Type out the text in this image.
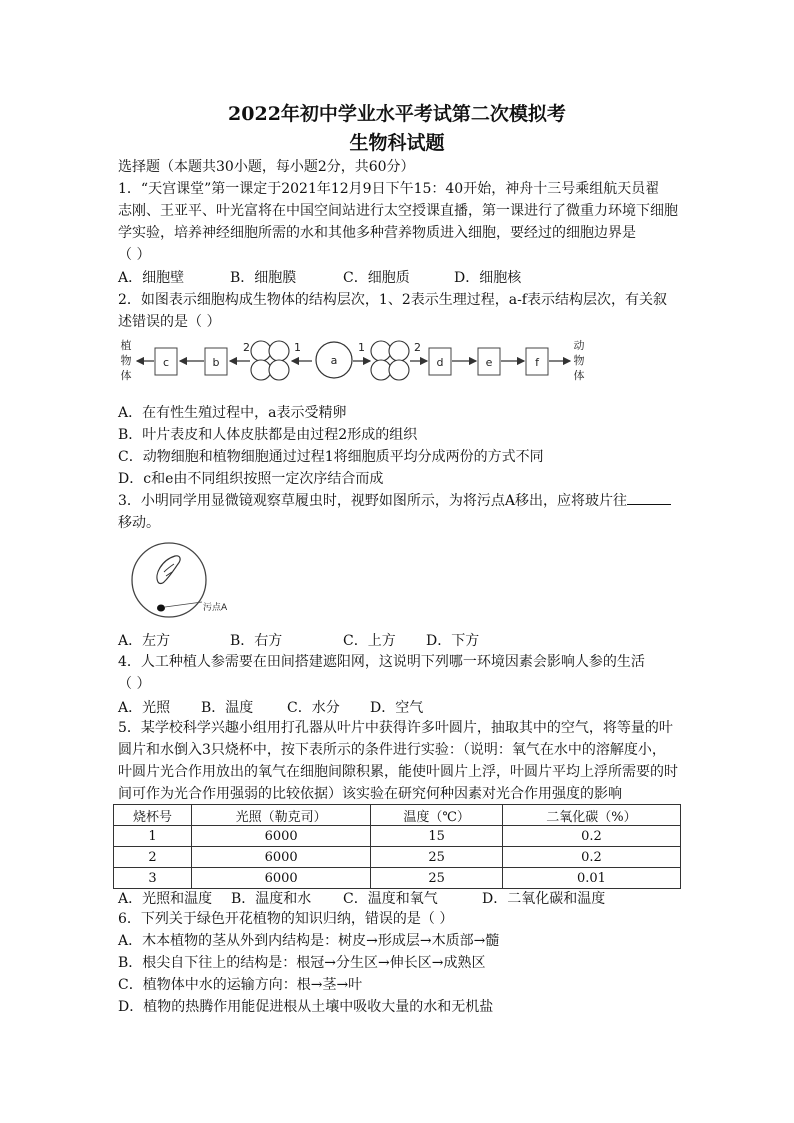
2022年初中学业水平考试第二次模拟考
生物科试题
选择题（本题共30小题，每小题2分，共60分）
1．“天宫课堂”第一课定于2021年12月9日下午15：40开始，神舟十三号乘组航天员翟
志刚、王亚平、叶光富将在中国空间站进行太空授课直播，第一课进行了微重力环境下细胞
学实验，培养神经细胞所需的水和其他多种营养物质进入细胞，要经过的细胞边界是
（ ）
A．细胞壁	B．细胞膜	C．细胞质	D．细胞核
2．如图表示细胞构成生物体的结构层次，1、2表示生理过程，a-f表示结构层次，有关叙
述错误的是（ ）
植
物
体
c	b
2	1
a
1	2
d	e	f
动
物
体
A．在有性生殖过程中，a表示受精卵
B．叶片表皮和人体皮肤都是由过程2形成的组织
C．动物细胞和植物细胞通过过程1将细胞质平均分成两份的方式不同
D．c和e由不同组织按照一定次序结合而成
3．小明同学用显微镜观察草履虫时，视野如图所示，为将污点A移出，应将玻片往
移动。
污点A
A．左方	B．右方	C．上方 D．下方
4．人工种植人参需要在田间搭建遮阳网，这说明下列哪一环境因素会影响人参的生活
（ ）
A．光照 B．温度 C．水分 D．空气
5．某学校科学兴趣小组用打孔器从叶片中获得许多叶圆片，抽取其中的空气，将等量的叶
圆片和水倒入3只烧杯中，按下表所示的条件进行实验：（说明：氧气在水中的溶解度小，
叶圆片光合作用放出的氧气在细胞间隙积累，能使叶圆片上浮，叶圆片平均上浮所需要的时
间可作为光合作用强弱的比较依据）该实验在研究何种因素对光合作用强度的影响
烧杯号	光照（勒克司）	温度（℃）	二氧化碳（%）
1	6000	15	0.2
2	6000	25	0.2
3	6000	25	0.01
A．光照和温度 B．温度和水 C．温度和氧气	D．二氧化碳和温度
6．下列关于绿色开花植物的知识归纳，错误的是（ ）
A．木本植物的茎从外到内结构是：树皮→形成层→木质部→髓
B．根尖自下往上的结构是：根冠→分生区→伸长区→成熟区
C．植物体中水的运输方向：根→茎→叶
D．植物的热腾作用能促进根从土壤中吸收大量的水和无机盐
